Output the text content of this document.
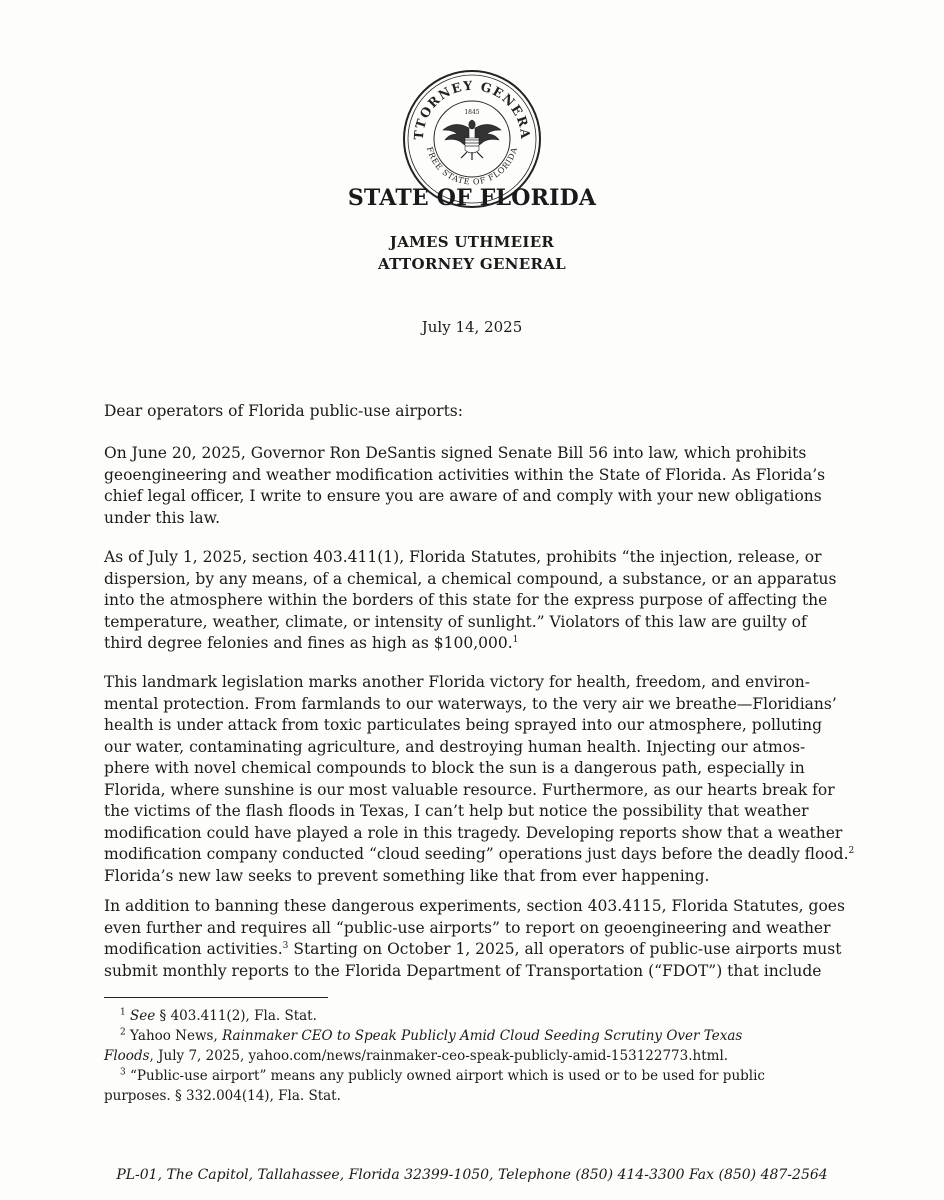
TTORNEY GENERA
FREE STATE OF FLORIDA
1845
STATE OF FLORIDA
JAMES UTHMEIER
ATTORNEY GENERAL
July 14, 2025
Dear operators of Florida public-use airports:
On June 20, 2025, Governor Ron DeSantis signed Senate Bill 56 into law, which prohibits
geoengineering and weather modification activities within the State of Florida. As Florida’s
chief legal officer, I write to ensure you are aware of and comply with your new obligations
under this law.
As of July 1, 2025, section 403.411(1), Florida Statutes, prohibits “the injection, release, or
dispersion, by any means, of a chemical, a chemical compound, a substance, or an apparatus
into the atmosphere within the borders of this state for the express purpose of affecting the
temperature, weather, climate, or intensity of sunlight.” Violators of this law are guilty of
third degree felonies and fines as high as $100,000.$^1$
This landmark legislation marks another Florida victory for health, freedom, and environ-
mental protection. From farmlands to our waterways, to the very air we breathe—Floridians’
health is under attack from toxic particulates being sprayed into our atmosphere, polluting
our water, contaminating agriculture, and destroying human health. Injecting our atmos-
phere with novel chemical compounds to block the sun is a dangerous path, especially in
Florida, where sunshine is our most valuable resource. Furthermore, as our hearts break for
the victims of the flash floods in Texas, I can’t help but notice the possibility that weather
modification could have played a role in this tragedy. Developing reports show that a weather
modification company conducted “cloud seeding” operations just days before the deadly flood.$^2$
Florida’s new law seeks to prevent something like that from ever happening.
In addition to banning these dangerous experiments, section 403.4115, Florida Statutes, goes
even further and requires all “public-use airports” to report on geoengineering and weather
modification activities.$^3$ Starting on October 1, 2025, all operators of public-use airports must
submit monthly reports to the Florida Department of Transportation (“FDOT”) that include
$^1$ See § 403.411(2), Fla. Stat.
$^2$ Yahoo News, Rainmaker CEO to Speak Publicly Amid Cloud Seeding Scrutiny Over Texas
Floods, July 7, 2025, yahoo.com/news/rainmaker-ceo-speak-publicly-amid-153122773.html.
$^3$ “Public-use airport” means any publicly owned airport which is used or to be used for public
purposes. § 332.004(14), Fla. Stat.
PL-01, The Capitol, Tallahassee, Florida 32399-1050, Telephone (850) 414-3300 Fax (850) 487-2564
